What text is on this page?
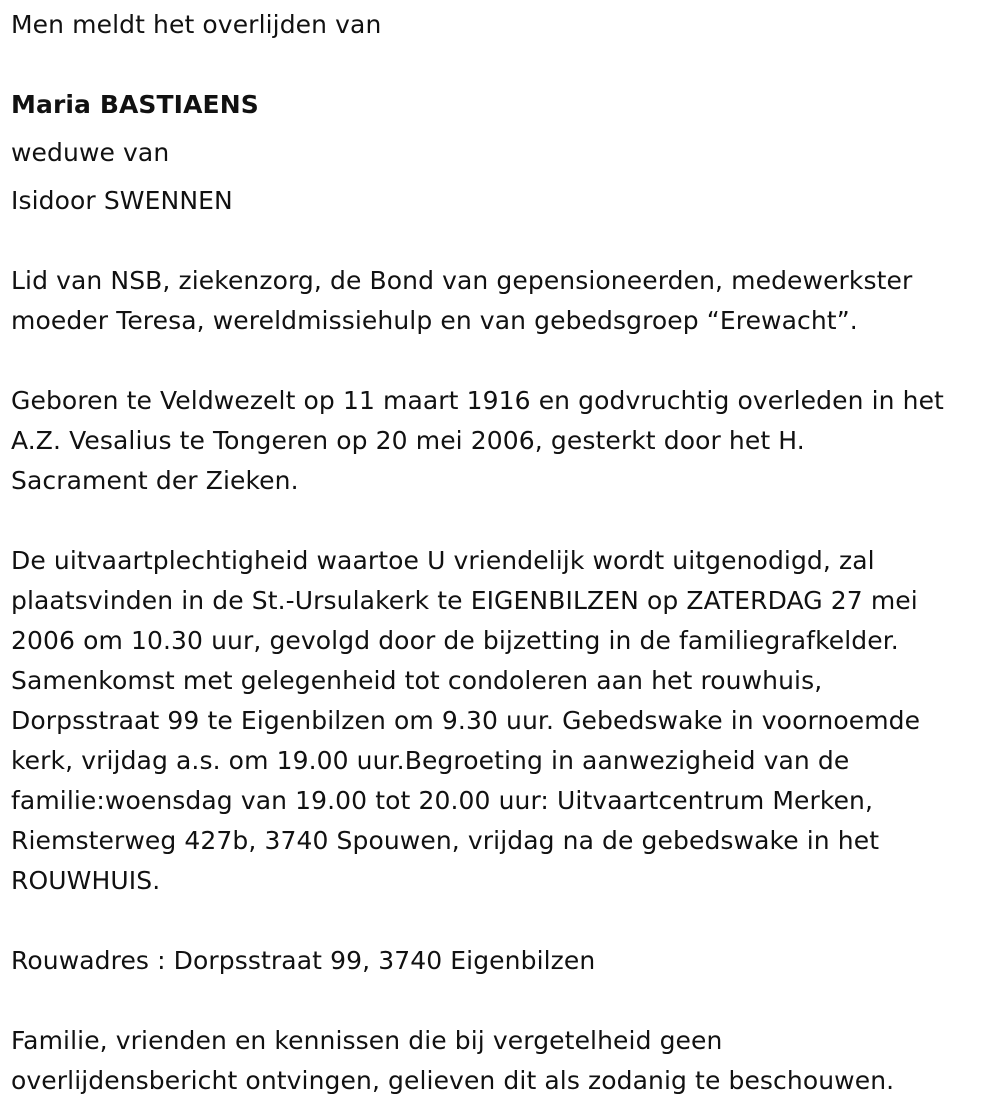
Men meldt het overlijden van
Maria BASTIAENS
weduwe van
Isidoor SWENNEN
Lid van NSB, ziekenzorg, de Bond van gepensioneerden, medewerkster
moeder Teresa, wereldmissiehulp en van gebedsgroep “Erewacht”.
Geboren te Veldwezelt op 11 maart 1916 en godvruchtig overleden in het
A.Z. Vesalius te Tongeren op 20 mei 2006, gesterkt door het H.
Sacrament der Zieken.
De uitvaartplechtigheid waartoe U vriendelijk wordt uitgenodigd, zal
plaatsvinden in de St.-Ursulakerk te EIGENBILZEN op ZATERDAG 27 mei
2006 om 10.30 uur, gevolgd door de bijzetting in de familiegrafkelder.
Samenkomst met gelegenheid tot condoleren aan het rouwhuis,
Dorpsstraat 99 te Eigenbilzen om 9.30 uur. Gebedswake in voornoemde
kerk, vrijdag a.s. om 19.00 uur.Begroeting in aanwezigheid van de
familie:woensdag van 19.00 tot 20.00 uur: Uitvaartcentrum Merken,
Riemsterweg 427b, 3740 Spouwen, vrijdag na de gebedswake in het
ROUWHUIS.
Rouwadres : Dorpsstraat 99, 3740 Eigenbilzen
Familie, vrienden en kennissen die bij vergetelheid geen
overlijdensbericht ontvingen, gelieven dit als zodanig te beschouwen.
